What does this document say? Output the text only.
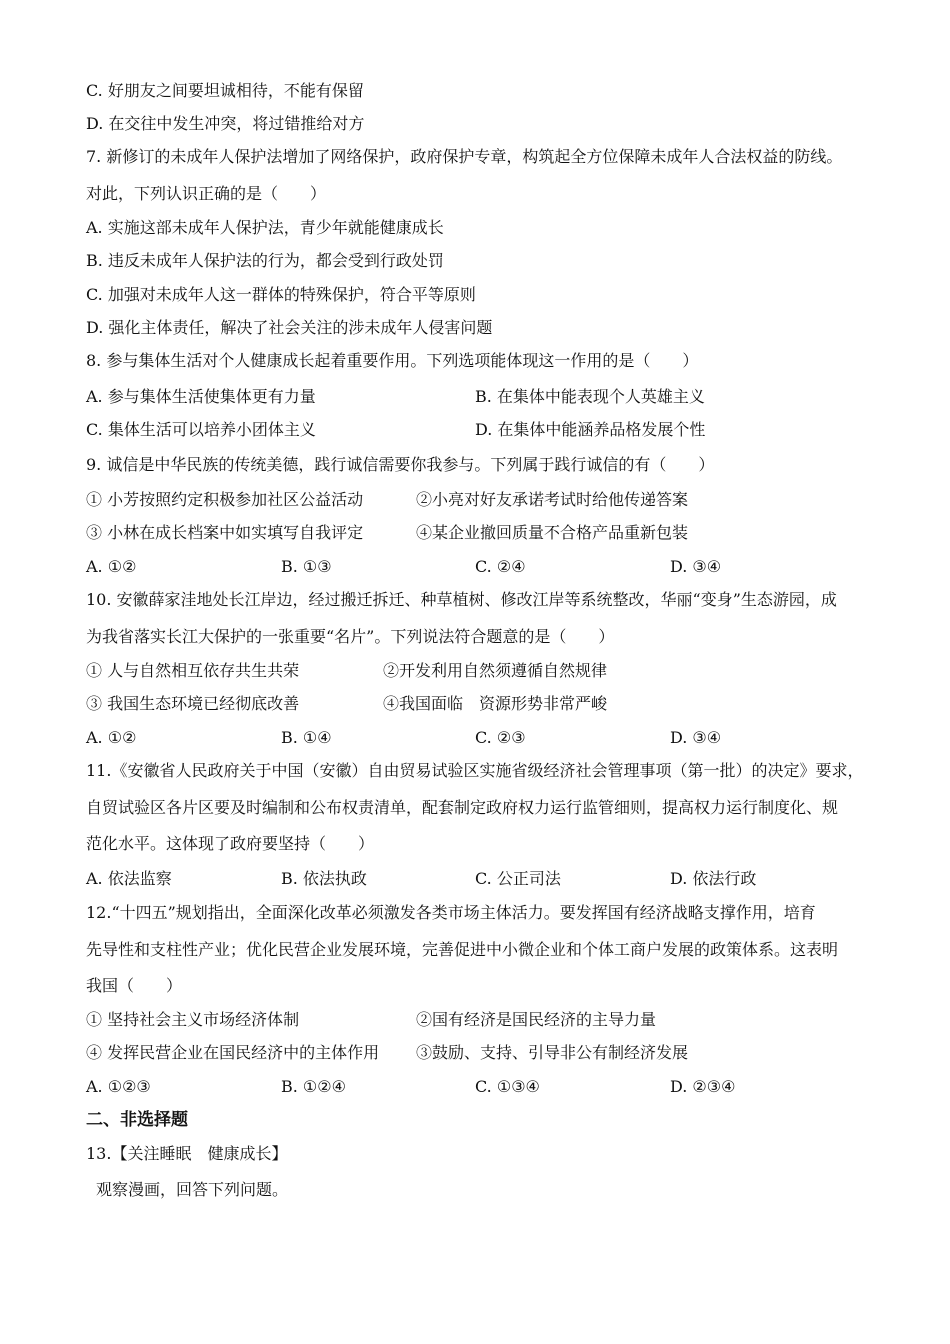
C. 好朋友之间要坦诚相待，不能有保留
D. 在交往中发生冲突，将过错推给对方
7. 新修订的未成年人保护法增加了网络保护，政府保护专章，构筑起全方位保障未成年人合法权益的防线。
对此，下列认识正确的是（　　）
A. 实施这部未成年人保护法，青少年就能健康成长
B. 违反未成年人保护法的行为，都会受到行政处罚
C. 加强对未成年人这一群体的特殊保护，符合平等原则
D. 强化主体责任，解决了社会关注的涉未成年人侵害问题
8. 参与集体生活对个人健康成长起着重要作用。下列选项能体现这一作用的是（　　）
A. 参与集体生活使集体更有力量	B. 在集体中能表现个人英雄主义
C. 集体生活可以培养小团体主义	D. 在集体中能涵养品格发展个性
9. 诚信是中华民族的传统美德，践行诚信需要你我参与。下列属于践行诚信的有（　　）
① 小芳按照约定积极参加社区公益活动	②小亮对好友承诺考试时给他传递答案
③ 小林在成长档案中如实填写自我评定	④某企业撤回质量不合格产品重新包装
A. ①②	B. ①③	C. ②④	D. ③④
10. 安徽薛家洼地处长江岸边，经过搬迁拆迁、种草植树、修改江岸等系统整改，华丽“变身”生态游园，成
为我省落实长江大保护的一张重要“名片”。下列说法符合题意的是（　　）
① 人与自然相互依存共生共荣	②开发利用自然须遵循自然规律
③ 我国生态环境已经彻底改善	④我国面临　资源形势非常严峻
A. ①②	B. ①④	C. ②③	D. ③④
11.《安徽省人民政府关于中国（安徽）自由贸易试验区实施省级经济社会管理事项（第一批）的决定》要求，
自贸试验区各片区要及时编制和公布权责清单，配套制定政府权力运行监管细则，提高权力运行制度化、规
范化水平。这体现了政府要坚持（　　）
A. 依法监察	B. 依法执政	C. 公正司法	D. 依法行政
12.“十四五”规划指出，全面深化改革必须激发各类市场主体活力。要发挥国有经济战略支撑作用，培育
先导性和支柱性产业；优化民营企业发展环境，完善促进中小微企业和个体工商户发展的政策体系。这表明
我国（　　）
① 坚持社会主义市场经济体制	②国有经济是国民经济的主导力量
④ 发挥民营企业在国民经济中的主体作用 ③鼓励、支持、引导非公有制经济发展
A. ①②③	B. ①②④	C. ①③④	D. ②③④
二、非选择题
13.【关注睡眠　健康成长】
观察漫画，回答下列问题。
